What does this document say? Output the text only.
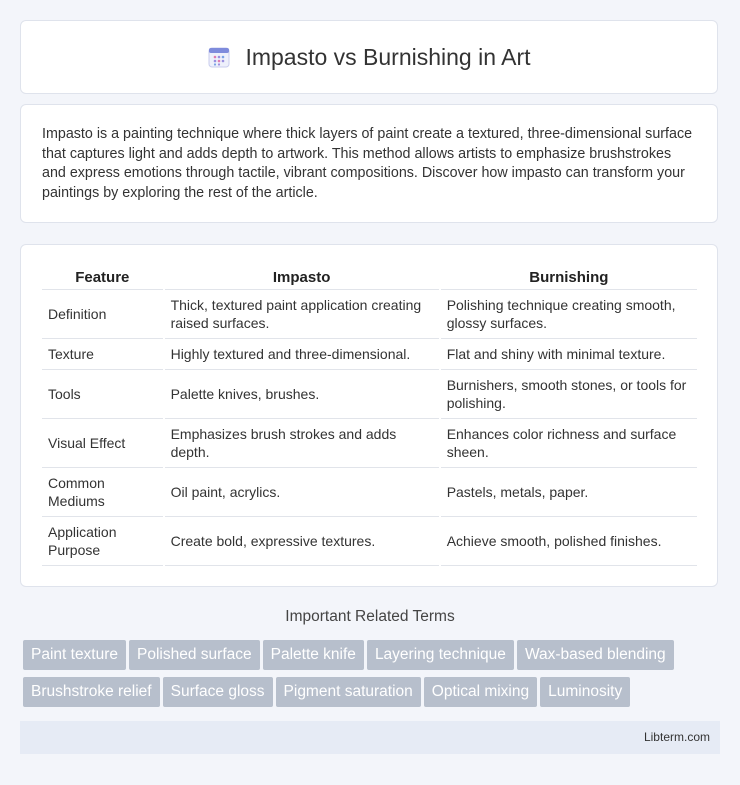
Impasto vs Burnishing in Art

Impasto is a painting technique where thick layers of paint create a textured, three-dimensional surface that captures light and adds depth to artwork. This method allows artists to emphasize brushstrokes and express emotions through tactile, vibrant compositions. Discover how impasto can transform your paintings by exploring the rest of the article.

Feature	Impasto	Burnishing
Definition	Thick, textured paint application creating raised surfaces.	Polishing technique creating smooth, glossy surfaces.
Texture	Highly textured and three-dimensional.	Flat and shiny with minimal texture.
Tools	Palette knives, brushes.	Burnishers, smooth stones, or tools for polishing.
Visual Effect	Emphasizes brush strokes and adds depth.	Enhances color richness and surface sheen.
Common Mediums	Oil paint, acrylics.	Pastels, metals, paper.
Application Purpose	Create bold, expressive textures.	Achieve smooth, polished finishes.
Important Related Terms
Paint texture Polished surface Palette knife Layering technique Wax-based blending
Brushstroke relief Surface gloss Pigment saturation Optical mixing Luminosity
Libterm.com
